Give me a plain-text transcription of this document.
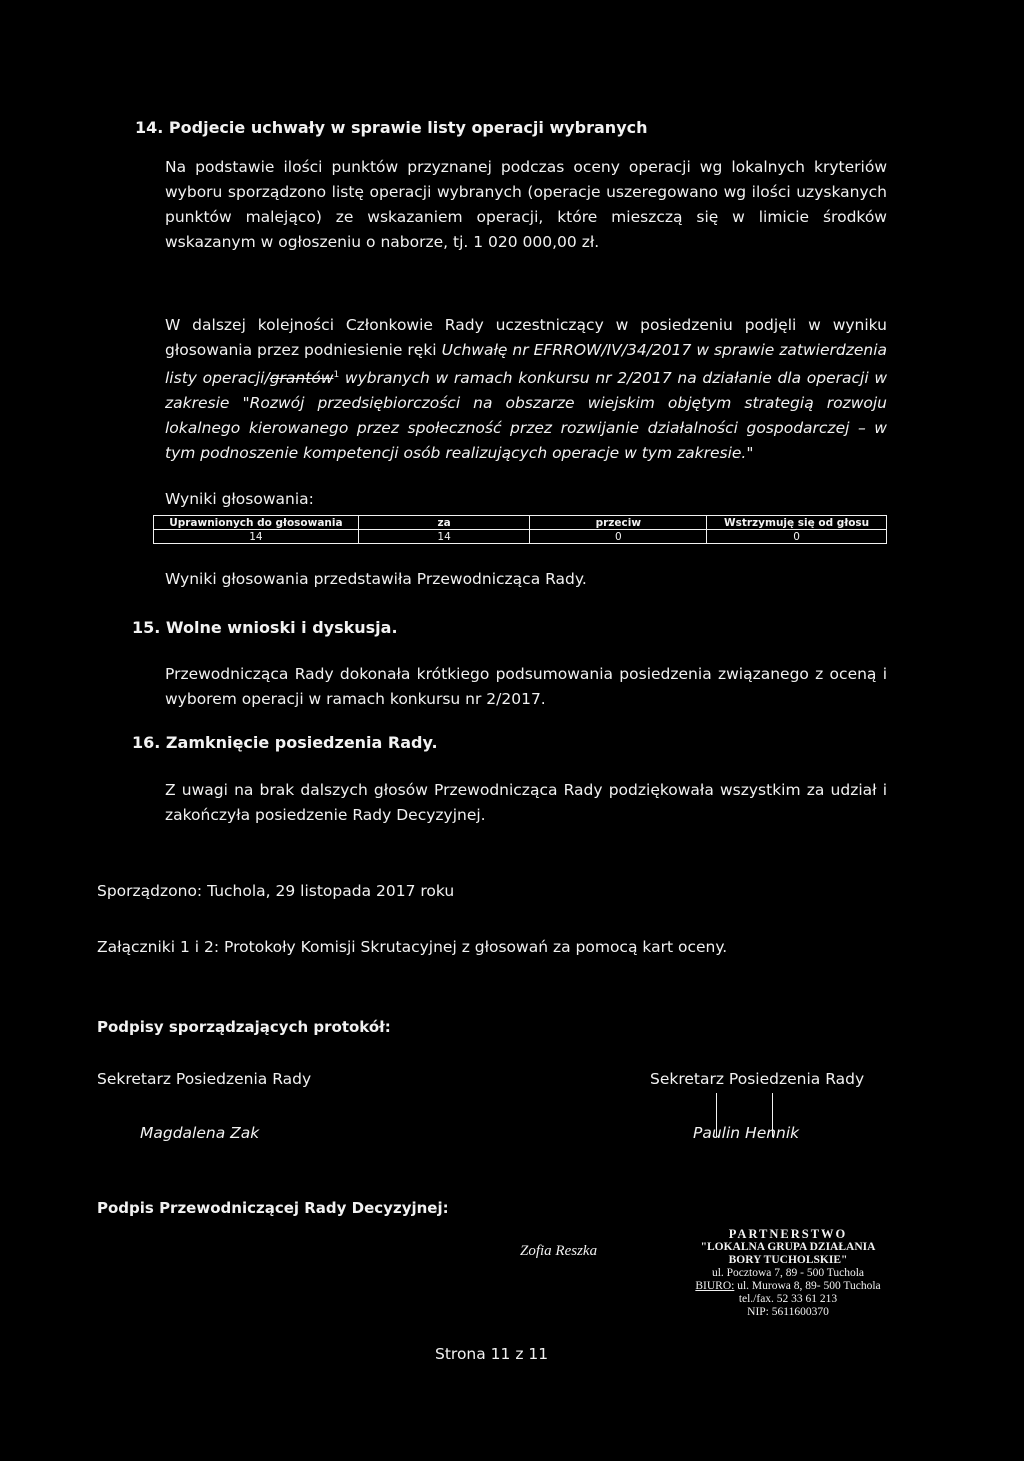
14. Podjecie uchwały w sprawie listy operacji wybranych
Na podstawie ilości punktów przyznanej podczas oceny operacji wg lokalnych kryteriów wyboru sporządzono listę operacji wybranych (operacje uszeregowano wg ilości uzyskanych punktów malejąco) ze wskazaniem operacji, które mieszczą się w limicie środków wskazanym w ogłoszeniu o naborze, tj. 1 020 000,00 zł.
W dalszej kolejności Członkowie Rady uczestniczący w posiedzeniu podjęli w wyniku głosowania przez podniesienie ręki Uchwałę nr EFRROW/IV/34/2017 w sprawie zatwierdzenia listy operacji/grantów$^1$ wybranych w ramach konkursu nr 2/2017 na działanie dla operacji w zakresie "Rozwój przedsiębiorczości na obszarze wiejskim objętym strategią rozwoju lokalnego kierowanego przez społeczność przez rozwijanie działalności gospodarczej – w tym podnoszenie kompetencji osób realizujących operacje w tym zakresie."
Wyniki głosowania:
Uprawnionych do głosowania	za	przeciw	Wstrzymuję się od głosu
14	14	0	0
Wyniki głosowania przedstawiła Przewodnicząca Rady.
15. Wolne wnioski i dyskusja.
Przewodnicząca Rady dokonała krótkiego podsumowania posiedzenia związanego z oceną i wyborem operacji w ramach konkursu nr 2/2017.
16. Zamknięcie posiedzenia Rady.
Z uwagi na brak dalszych głosów Przewodnicząca Rady podziękowała wszystkim za udział i zakończyła posiedzenie Rady Decyzyjnej.
Sporządzono: Tuchola, 29 listopada 2017 roku
Załączniki 1 i 2: Protokoły Komisji Skrutacyjnej z głosowań za pomocą kart oceny.
Podpisy sporządzających protokół:
Sekretarz Posiedzenia Rady
Magdalena Zak
Sekretarz Posiedzenia Rady
Paulin Hennik
Podpis Przewodniczącej Rady Decyzyjnej:
Zofia Reszka
PARTNERSTWO
"LOKALNA GRUPA DZIAŁANIA
BORY TUCHOLSKIE"
ul. Pocztowa 7, 89 - 500 Tuchola
BIURO: ul. Murowa 8, 89- 500 Tuchola
tel./fax. 52 33 61 213
NIP: 5611600370
Strona 11 z 11
